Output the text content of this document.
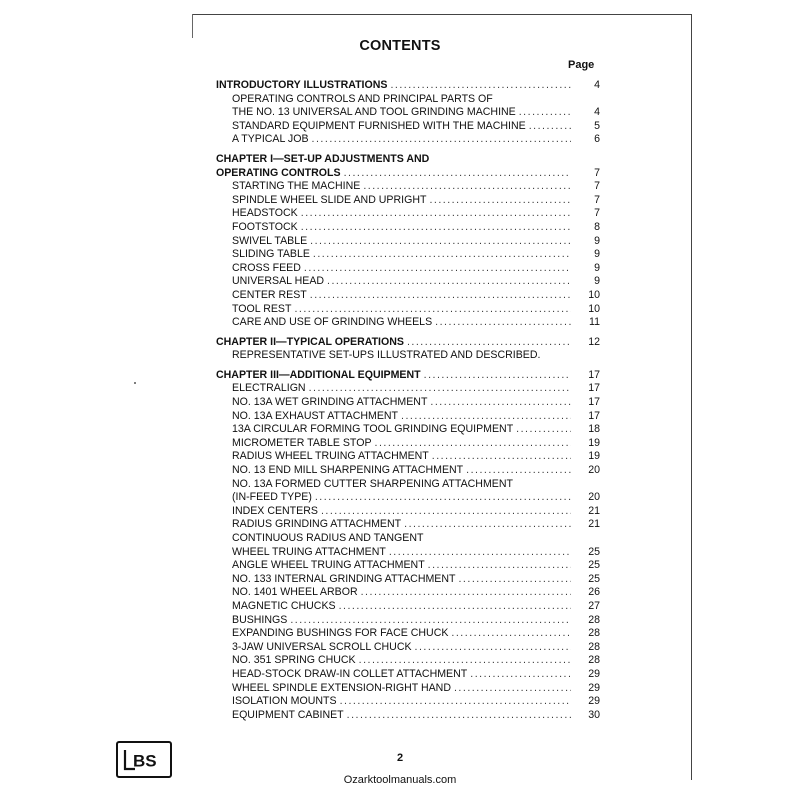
CONTENTS
Page
INTRODUCTORY ILLUSTRATIONS .....	4
OPERATING CONTROLS AND PRINCIPAL PARTS OF
THE NO. 13 UNIVERSAL AND TOOL GRINDING MACHINE .....	4
STANDARD EQUIPMENT FURNISHED WITH THE MACHINE .....	5
A TYPICAL JOB .....	6
CHAPTER I—SET-UP ADJUSTMENTS AND
OPERATING CONTROLS .....	7
STARTING THE MACHINE .....	7
SPINDLE WHEEL SLIDE AND UPRIGHT .....	7
HEADSTOCK .....	7
FOOTSTOCK .....	8
SWIVEL TABLE .....	9
SLIDING TABLE .....	9
CROSS FEED .....	9
UNIVERSAL HEAD .....	9
CENTER REST .....	10
TOOL REST .....	10
CARE AND USE OF GRINDING WHEELS .....	11
CHAPTER II—TYPICAL OPERATIONS .....	12
REPRESENTATIVE SET-UPS ILLUSTRATED AND DESCRIBED.
CHAPTER III—ADDITIONAL EQUIPMENT .....	17
ELECTRALIGN .....	17
NO. 13A WET GRINDING ATTACHMENT .....	17
NO. 13A EXHAUST ATTACHMENT .....	17
13A CIRCULAR FORMING TOOL GRINDING EQUIPMENT .....	18
MICROMETER TABLE STOP .....	19
RADIUS WHEEL TRUING ATTACHMENT .....	19
NO. 13 END MILL SHARPENING ATTACHMENT .....	20
NO. 13A FORMED CUTTER SHARPENING ATTACHMENT
(IN-FEED TYPE) .....	20
INDEX CENTERS .....	21
RADIUS GRINDING ATTACHMENT .....	21
CONTINUOUS RADIUS AND TANGENT
WHEEL TRUING ATTACHMENT .....	25
ANGLE WHEEL TRUING ATTACHMENT .....	25
NO. 133 INTERNAL GRINDING ATTACHMENT .....	25
NO. 1401 WHEEL ARBOR .....	26
MAGNETIC CHUCKS .....	27
BUSHINGS .....	28
EXPANDING BUSHINGS FOR FACE CHUCK .....	28
3-JAW UNIVERSAL SCROLL CHUCK .....	28
NO. 351 SPRING CHUCK .....	28
HEAD-STOCK DRAW-IN COLLET ATTACHMENT .....	29
WHEEL SPINDLE EXTENSION-RIGHT HAND .....	29
ISOLATION MOUNTS .....	29
EQUIPMENT CABINET .....	30
BS	2
Ozarktoolmanuals.com
